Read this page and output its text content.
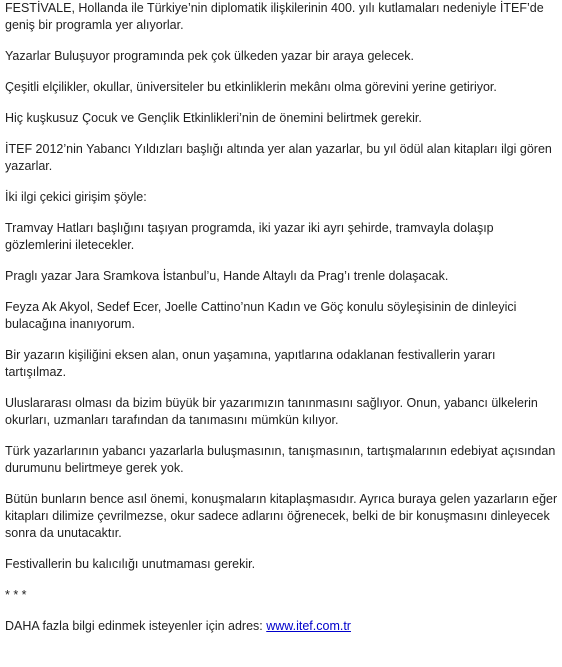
FESTİVALE, Hollanda ile Türkiye’nin diplomatik ilişkilerinin 400. yılı kutlamaları nedeniyle İTEF’de geniş bir programla yer alıyorlar.

Yazarlar Buluşuyor programında pek çok ülkeden yazar bir araya gelecek.

Çeşitli elçilikler, okullar, üniversiteler bu etkinliklerin mekânı olma görevini yerine getiriyor.

Hiç kuşkusuz Çocuk ve Gençlik Etkinlikleri’nin de önemini belirtmek gerekir.

İTEF 2012’nin Yabancı Yıldızları başlığı altında yer alan yazarlar, bu yıl ödül alan kitapları ilgi gören yazarlar.

İki ilgi çekici girişim şöyle:

Tramvay Hatları başlığını taşıyan programda, iki yazar iki ayrı şehirde, tramvayla dolaşıp gözlemlerini iletecekler.

Praglı yazar Jara Sramkova İstanbul’u, Hande Altaylı da Prag’ı trenle dolaşacak.

Feyza Ak Akyol, Sedef Ecer, Joelle Cattino’nun Kadın ve Göç konulu söyleşisinin de dinleyici bulacağına inanıyorum.

Bir yazarın kişiliğini eksen alan, onun yaşamına, yapıtlarına odaklanan festivallerin yararı tartışılmaz.

Uluslararası olması da bizim büyük bir yazarımızın tanınmasını sağlıyor. Onun, yabancı ülkelerin okurları, uzmanları tarafından da tanımasını mümkün kılıyor.

Türk yazarlarının yabancı yazarlarla buluşmasının, tanışmasının, tartışmalarının edebiyat açısından durumunu belirtmeye gerek yok.

Bütün bunların bence asıl önemi, konuşmaların kitaplaşmasıdır. Ayrıca buraya gelen yazarların eğer kitapları dilimize çevrilmezse, okur sadece adlarını öğrenecek, belki de bir konuşmasını dinleyecek sonra da unutacaktır.

Festivallerin bu kalıcılığı unutmaması gerekir.

* * *

DAHA fazla bilgi edinmek isteyenler için adres: www.itef.com.tr
